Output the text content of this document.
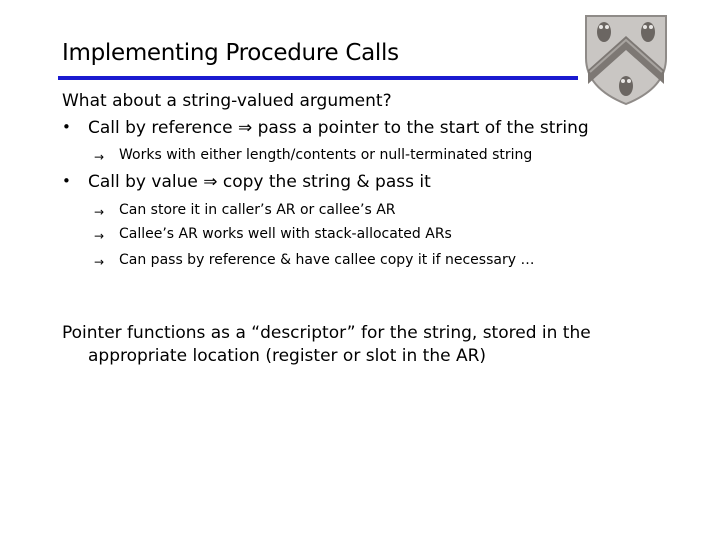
Implementing Procedure Calls
What about a string-valued argument?
• Call by reference ⇒ pass a pointer to the start of the string
→ Works with either length/contents or null-terminated string
• Call by value ⇒ copy the string & pass it
→ Can store it in caller’s AR or callee’s AR
→ Callee’s AR works well with stack-allocated ARs
→ Can pass by reference & have callee copy it if necessary …
Pointer functions as a “descriptor” for the string, stored in the
appropriate location (register or slot in the AR)
